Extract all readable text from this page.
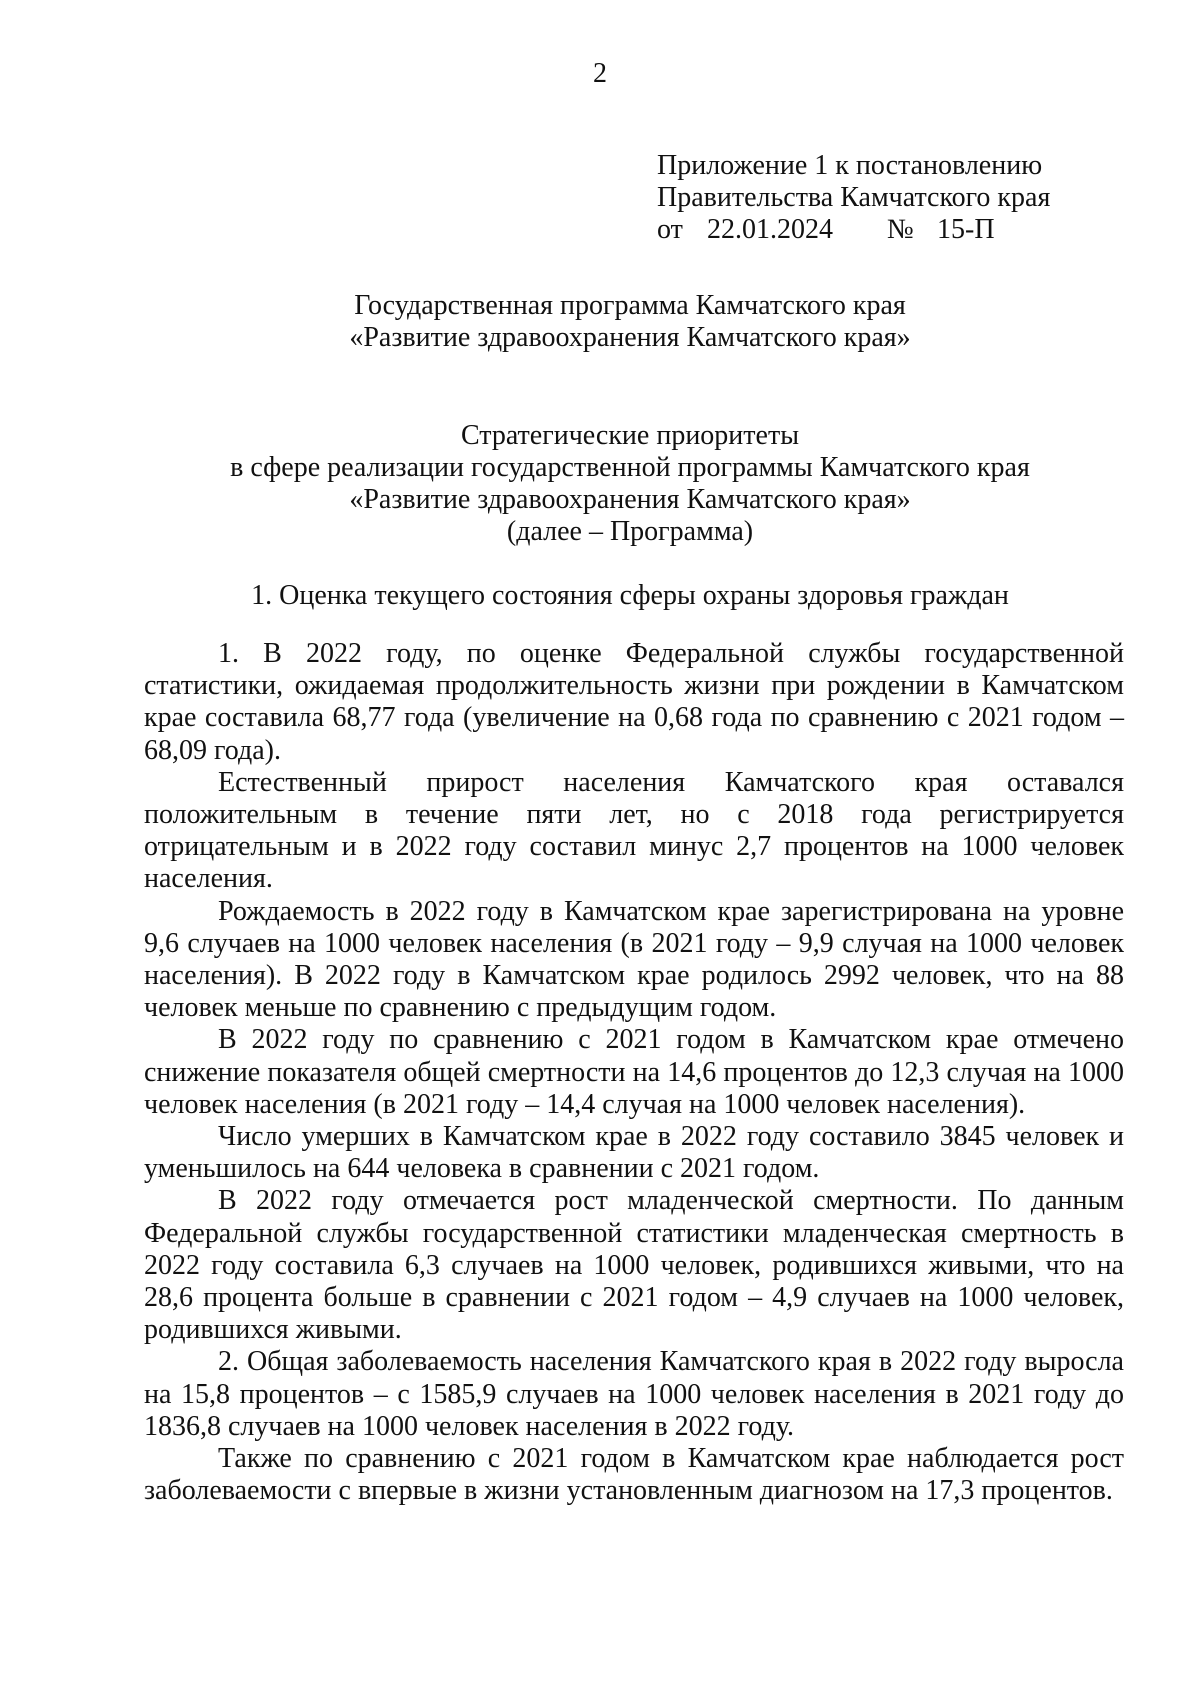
2
Приложение 1 к постановлению
Правительства Камчатского края
от 22.01.2024 № 15-П
Государственная программа Камчатского края
«Развитие здравоохранения Камчатского края»
Стратегические приоритеты
в сфере реализации государственной программы Камчатского края
«Развитие здравоохранения Камчатского края»
(далее – Программа)
1. Оценка текущего состояния сферы охраны здоровья граждан

1. В 2022 году, по оценке Федеральной службы государственной статистики, ожидаемая продолжительность жизни при рождении в Камчатском крае составила 68,77 года (увеличение на 0,68 года по сравнению с 2021 годом – 68,09 года).

Естественный прирост населения Камчатского края оставался положительным в течение пяти лет, но с 2018 года регистрируется отрицательным и в 2022 году составил минус 2,7 процентов на 1000 человек населения.

Рождаемость в 2022 году в Камчатском крае зарегистрирована на уровне 9,6 случаев на 1000 человек населения (в 2021 году – 9,9 случая на 1000 человек населения). В 2022 году в Камчатском крае родилось 2992 человек, что на 88 человек меньше по сравнению с предыдущим годом.

В 2022 году по сравнению с 2021 годом в Камчатском крае отмечено снижение показателя общей смертности на 14,6 процентов до 12,3 случая на 1000 человек населения (в 2021 году – 14,4 случая на 1000 человек населения).

Число умерших в Камчатском крае в 2022 году составило 3845 человек и уменьшилось на 644 человека в сравнении с 2021 годом.

В 2022 году отмечается рост младенческой смертности. По данным Федеральной службы государственной статистики младенческая смертность в 2022 году составила 6,3 случаев на 1000 человек, родившихся живыми, что на 28,6 процента больше в сравнении с 2021 годом – 4,9 случаев на 1000 человек, родившихся живыми.

2. Общая заболеваемость населения Камчатского края в 2022 году выросла на 15,8 процентов – с 1585,9 случаев на 1000 человек населения в 2021 году до 1836,8 случаев на 1000 человек населения в 2022 году.

Также по сравнению с 2021 годом в Камчатском крае наблюдается рост заболеваемости с впервые в жизни установленным диагнозом на 17,3 процентов.
